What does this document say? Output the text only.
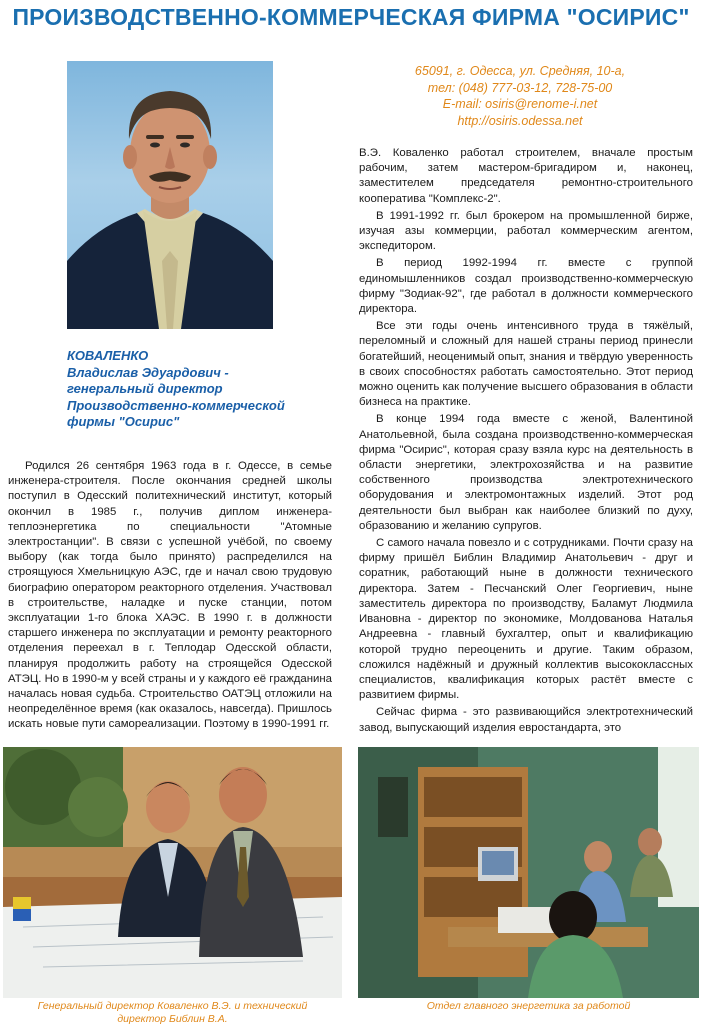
ПРОИЗВОДСТВЕННО-КОММЕРЧЕСКАЯ ФИРМА "ОСИРИС"
65091, г. Одесса, ул. Средняя, 10-а,
тел: (048) 777-03-12, 728-75-00
E-mail: osiris@renome-i.net
http://osiris.odessa.net
КОВАЛЕНКО
Владислав Эдуардович - генеральный директор Производственно-коммерческой фирмы "Осирис"

Родился 26 сентября 1963 года в г. Одессе, в семье инженера-строителя. После окончания средней школы поступил в Одесский политехнический институт, который окончил в 1985 г., получив диплом инженера-теплоэнергетика по специальности "Атомные электростанции". В связи с успешной учёбой, по своему выбору (как тогда было принято) распределился на строящуюся Хмельницкую АЭС, где и начал свою трудовую биографию оператором реакторного отделения. Участвовал в строительстве, наладке и пуске станции, потом эксплуатации 1-го блока ХАЭС. В 1990 г. в должности старшего инженера по эксплуатации и ремонту реакторного отделения переехал в г. Теплодар Одесской области, планируя продолжить работу на строящейся Одесской АТЭЦ. Но в 1990-м у всей страны и у каждого её гражданина началась новая судьба. Строительство ОАТЭЦ отложили на неопределённое время (как оказалось, навсегда). Пришлось искать новые пути самореализации. Поэтому в 1990-1991 гг.

В.Э. Коваленко работал строителем, вначале простым рабочим, затем мастером-бригадиром и, наконец, заместителем председателя ремонтно-строительного кооператива "Комплекс-2".

В 1991-1992 гг. был брокером на промышленной бирже, изучая азы коммерции, работал коммерческим агентом, экспедитором.

В период 1992-1994 гг. вместе с группой единомышленников создал производственно-коммерческую фирму "Зодиак-92", где работал в должности коммерческого директора.

Все эти годы очень интенсивного труда в тяжёлый, переломный и сложный для нашей страны период принесли богатейший, неоценимый опыт, знания и твёрдую уверенность в своих способностях работать самостоятельно. Этот период можно оценить как получение высшего образования в области бизнеса на практике.

В конце 1994 года вместе с женой, Валентиной Анатольевной, была создана производственно-коммерческая фирма "Осирис", которая сразу взяла курс на деятельность в области энергетики, электрохозяйства и на развитие собственного производства электротехнического оборудования и электромонтажных изделий. Этот род деятельности был выбран как наиболее близкий по духу, образованию и желанию супругов.

С самого начала повезло и с сотрудниками. Почти сразу на фирму пришёл Библин Владимир Анатольевич - друг и соратник, работающий ныне в должности технического директора. Затем - Песчанский Олег Георгиевич, ныне заместитель директора по производству, Баламут Людмила Ивановна - директор по экономике, Молдованова Наталья Андреевна - главный бухгалтер, опыт и квалификацию которой трудно переоценить и другие. Таким образом, сложился надёжный и дружный коллектив высококлассных специалистов, квалификация которых растёт вместе с развитием фирмы.

Сейчас фирма - это развивающийся электротехнический завод, выпускающий изделия евростандарта, это

Генеральный директор Коваленко В.Э. и технический директор Библин В.А.
Отдел главного энергетика за работой
